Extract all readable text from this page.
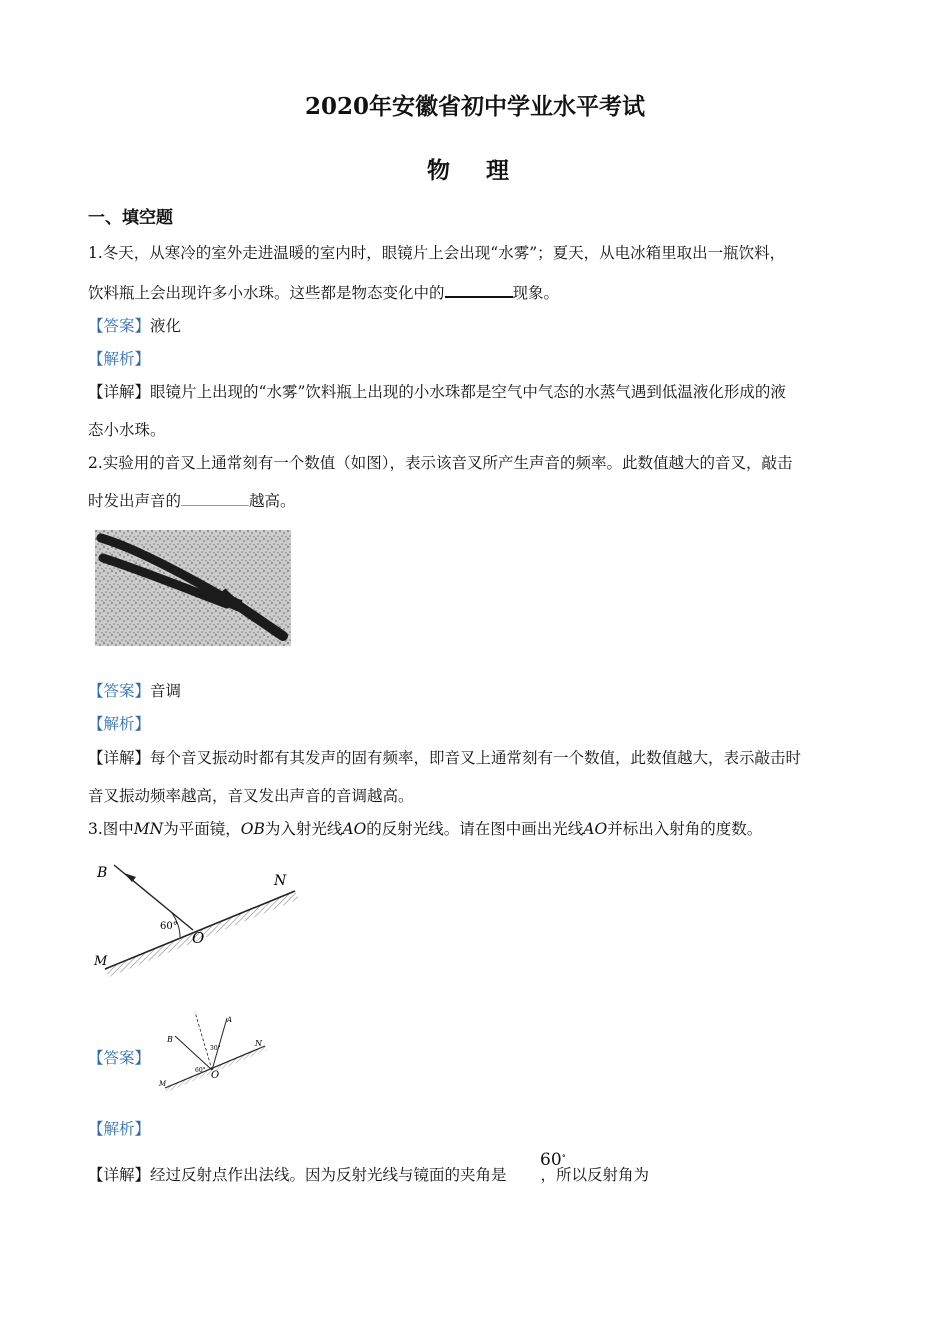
2020年安徽省初中学业水平考试
物 理
一、填空题
1.冬天，从寒冷的室外走进温暖的室内时，眼镜片上会出现“水雾”；夏天，从电冰箱里取出一瓶饮料，
饮料瓶上会出现许多小水珠。这些都是物态变化中的	现象。
【答案】液化
【解析】
【详解】眼镜片上出现的“水雾”饮料瓶上出现的小水珠都是空气中气态的水蒸气遇到低温液化形成的液
态小水珠。
2.实验用的音叉上通常刻有一个数值（如图），表示该音叉所产生声音的频率。此数值越大的音叉，敲击
时发出声音的	越高。
【答案】音调
【解析】
【详解】每个音叉振动时都有其发声的固有频率，即音叉上通常刻有一个数值，此数值越大，表示敲击时
音叉振动频率越高，音叉发出声音的音调越高。
3.图中MN为平面镜，OB为入射光线AO的反射光线。请在图中画出光线AO并标出入射角的度数。
B	N
M
O
60°
【答案】
B
A
N
M
O
60°
30°
【解析】
【详解】经过反射点作出法线。因为反射光线与镜面的夹角是 ，所以反射角为
60∘
